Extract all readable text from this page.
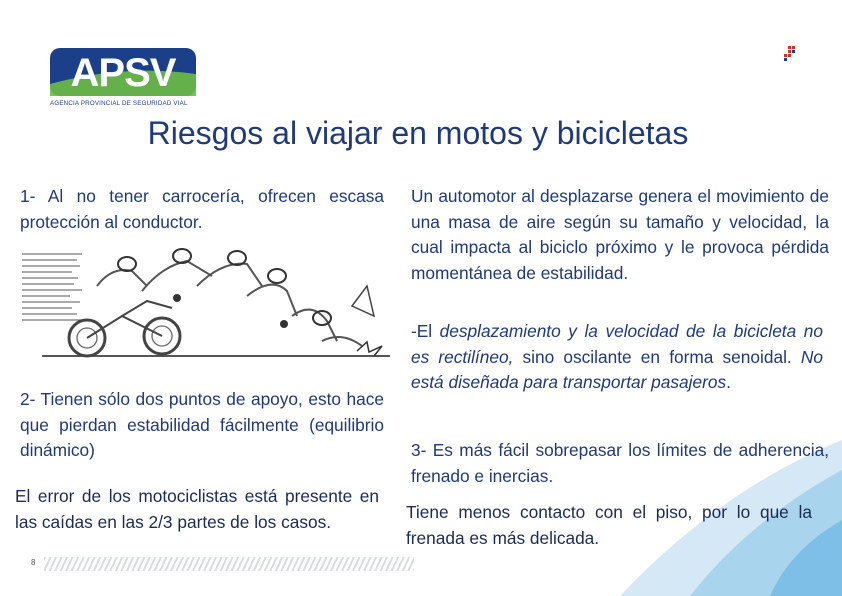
APSV
AGENCIA PROVINCIAL DE SEGURIDAD VIAL
Riesgos al viajar en motos y bicicletas
1- Al no tener carrocería, ofrecen escasa protección al conductor.
2- Tienen sólo dos puntos de apoyo, esto hace que pierdan estabilidad fácilmente (equilibrio dinámico)
El error de los motociclistas está presente en las caídas en las 2/3 partes de los casos.
Un automotor al desplazarse genera el movimiento de una masa de aire según su tamaño y velocidad, la cual impacta al biciclo próximo y le provoca pérdida momentánea de estabilidad.
-El desplazamiento y la velocidad de la bicicleta no es rectilíneo, sino oscilante en forma senoidal. No está diseñada para transportar pasajeros.
3- Es más fácil sobrepasar los límites de adherencia, frenado e inercias.
Tiene menos contacto con el piso, por lo que la frenada es más delicada.
8
